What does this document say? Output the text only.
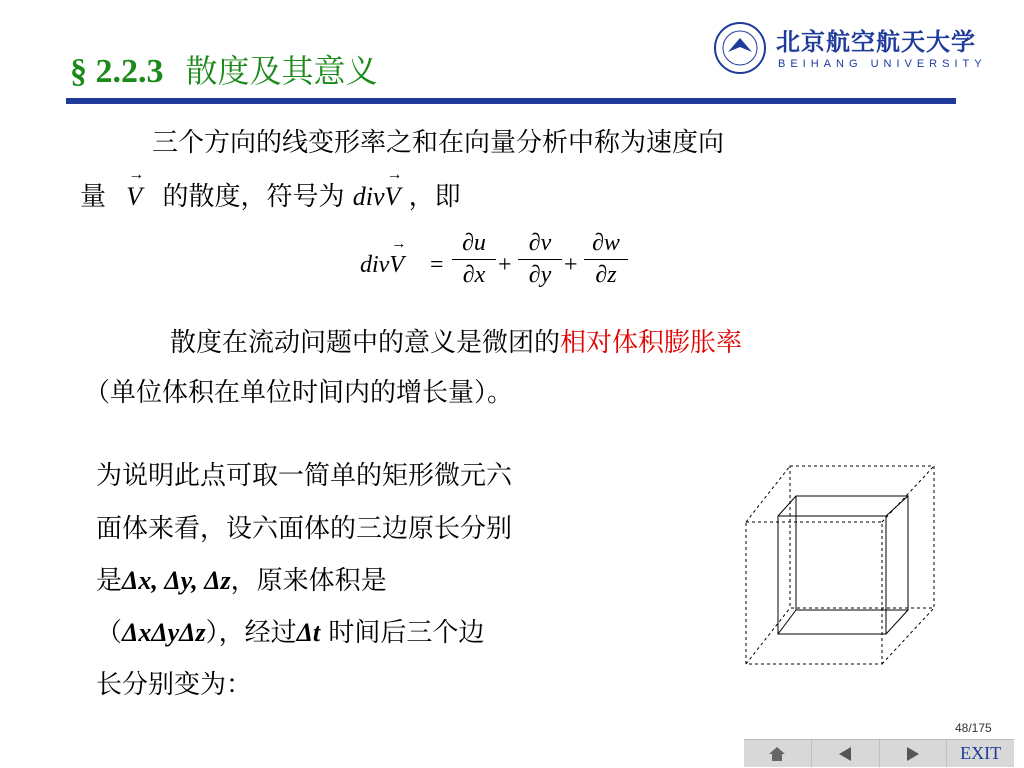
§ 2.2.3 散度及其意义
北京航空航天大学
BEIHANG UNIVERSITY
三个方向的线变形率之和在向量分析中称为速度向
量
→
V 的散度，符号为 div
→
V ，即
div
→
$V = \frac{\partial u}{\partial x} + \frac{\partial v}{\partial y} + \frac{\partial w}{\partial z}$
散度在流动问题中的意义是微团的相对体积膨胀率
（单位体积在单位时间内的增长量）。
为说明此点可取一简单的矩形微元六
面体来看，设六面体的三边原长分别
是Δx, Δy, Δz，原来体积是
（ΔxΔyΔz），经过Δt 时间后三个边
长分别变为：
48/175
EXIT
